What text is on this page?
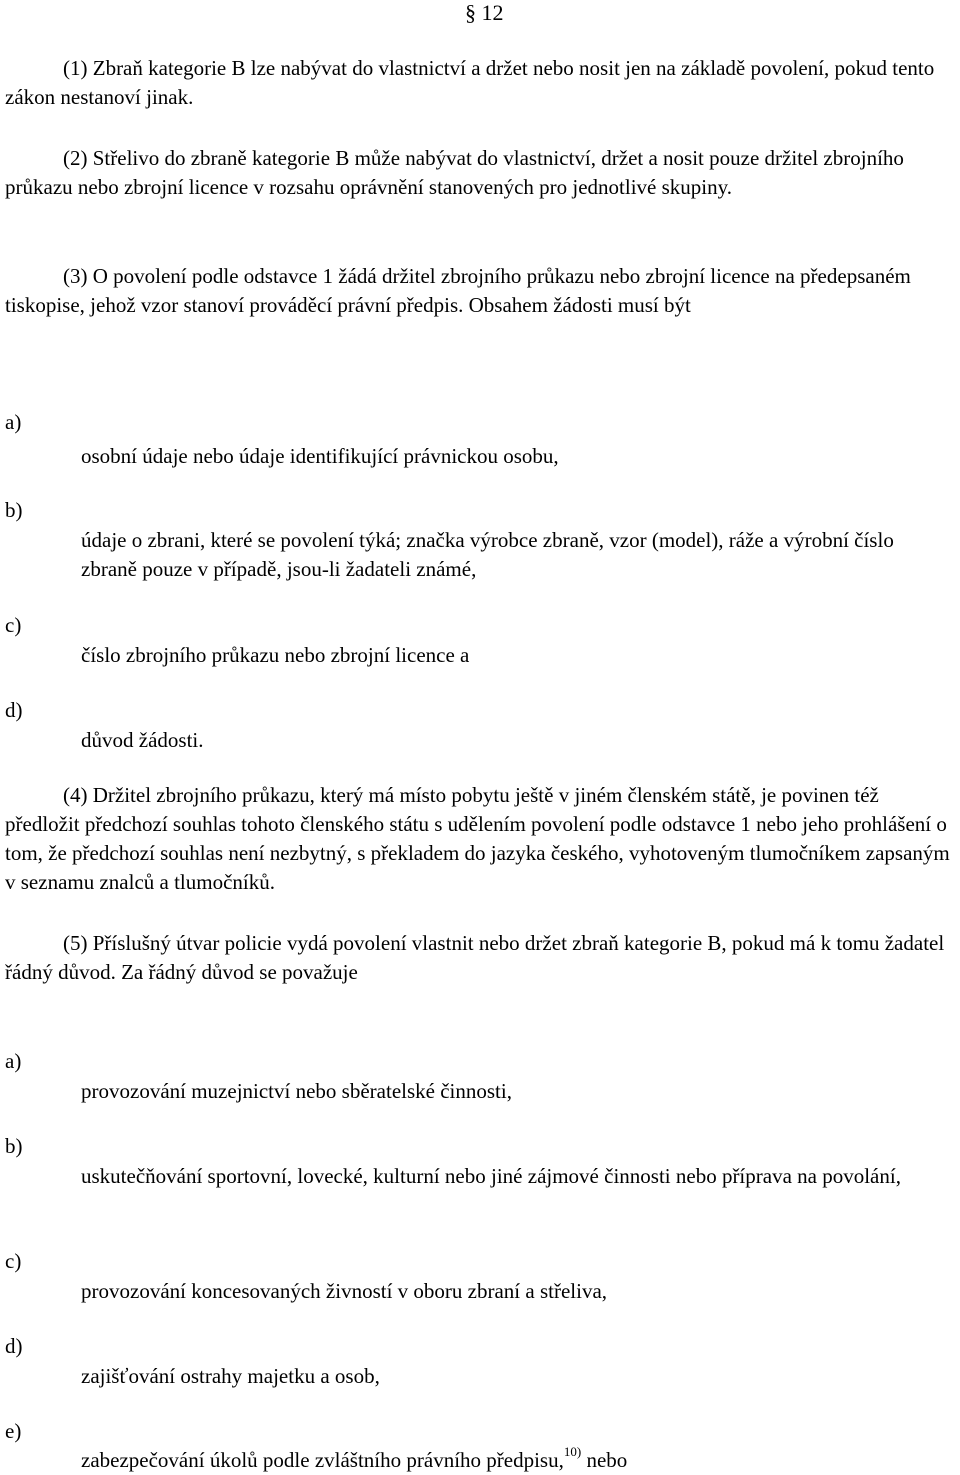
§ 12
(1) Zbraň kategorie B lze nabývat do vlastnictví a držet nebo nosit jen na základě povolení, pokud tento zákon nestanoví jinak.
(2) Střelivo do zbraně kategorie B může nabývat do vlastnictví, držet a nosit pouze držitel zbrojního průkazu nebo zbrojní licence v rozsahu oprávnění stanovených pro jednotlivé skupiny.
(3) O povolení podle odstavce 1 žádá držitel zbrojního průkazu nebo zbrojní licence na předepsaném tiskopise, jehož vzor stanoví prováděcí právní předpis. Obsahem žádosti musí být
a)
osobní údaje nebo údaje identifikující právnickou osobu,
b)
údaje o zbrani, které se povolení týká; značka výrobce zbraně, vzor (model), ráže a výrobní číslo zbraně pouze v případě, jsou-li žadateli známé,
c)
číslo zbrojního průkazu nebo zbrojní licence a
d)
důvod žádosti.
(4) Držitel zbrojního průkazu, který má místo pobytu ještě v jiném členském státě, je povinen též předložit předchozí souhlas tohoto členského státu s udělením povolení podle odstavce 1 nebo jeho prohlášení o tom, že předchozí souhlas není nezbytný, s překladem do jazyka českého, vyhotoveným tlumočníkem zapsaným v seznamu znalců a tlumočníků.
(5) Příslušný útvar policie vydá povolení vlastnit nebo držet zbraň kategorie B, pokud má k tomu žadatel řádný důvod. Za řádný důvod se považuje
a)
provozování muzejnictví nebo sběratelské činnosti,
b)
uskutečňování sportovní, lovecké, kulturní nebo jiné zájmové činnosti nebo příprava na povolání,
c)
provozování koncesovaných živností v oboru zbraní a střeliva,
d)
zajišťování ostrahy majetku a osob,
e)
zabezpečování úkolů podle zvláštního právního předpisu,$^{10)}$ nebo
